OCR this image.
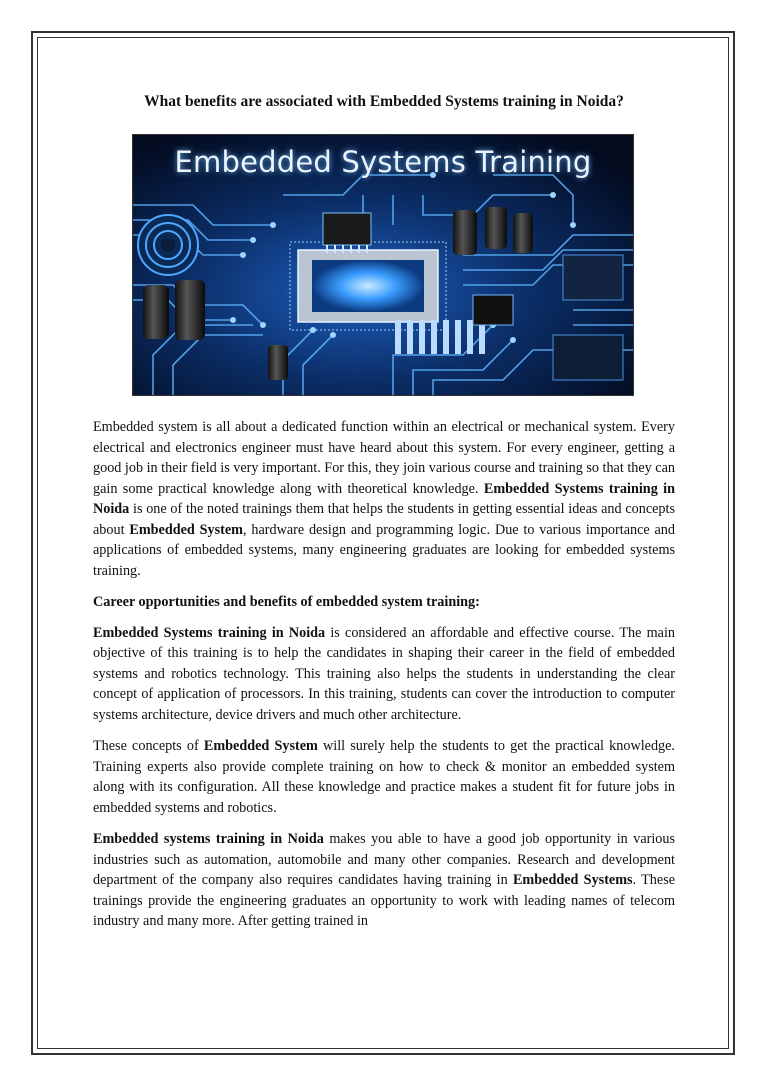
What benefits are associated with Embedded Systems training in Noida?
Embedded Systems Training

Embedded system is all about a dedicated function within an electrical or mechanical system. Every electrical and electronics engineer must have heard about this system. For every engineer, getting a good job in their field is very important. For this, they join various course and training so that they can gain some practical knowledge along with theoretical knowledge. Embedded Systems training in Noida is one of the noted trainings them that helps the students in getting essential ideas and concepts about Embedded System, hardware design and programming logic. Due to various importance and applications of embedded systems, many engineering graduates are looking for embedded systems training.

Career opportunities and benefits of embedded system training:

Embedded Systems training in Noida is considered an affordable and effective course. The main objective of this training is to help the candidates in shaping their career in the field of embedded systems and robotics technology. This training also helps the students in understanding the clear concept of application of processors. In this training, students can cover the introduction to computer systems architecture, device drivers and much other architecture.

These concepts of Embedded System will surely help the students to get the practical knowledge. Training experts also provide complete training on how to check & monitor an embedded system along with its configuration. All these knowledge and practice makes a student fit for future jobs in embedded systems and robotics.

Embedded systems training in Noida makes you able to have a good job opportunity in various industries such as automation, automobile and many other companies. Research and development department of the company also requires candidates having training in Embedded Systems. These trainings provide the engineering graduates an opportunity to work with leading names of telecom industry and many more. After getting trained in
